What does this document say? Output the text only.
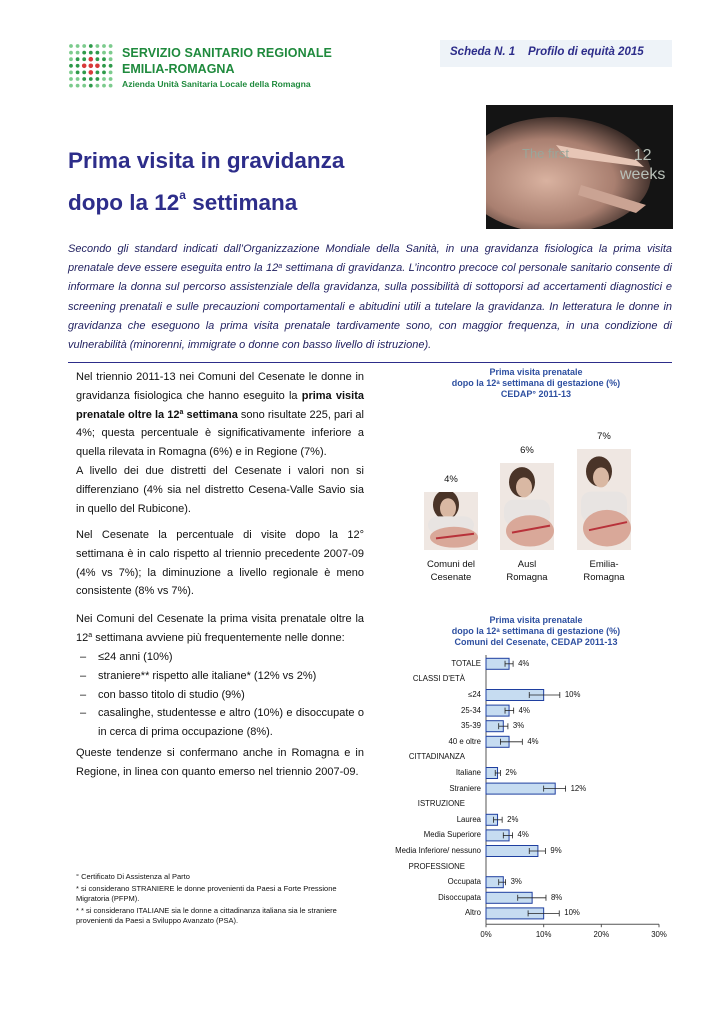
SERVIZIO SANITARIO REGIONALE
EMILIA-ROMAGNA
Azienda Unità Sanitaria Locale della Romagna
Scheda N. 1    Profilo di equità 2015
Prima visita in gravidanza
dopo la 12$^a$ settimana
The first	12
weeks
Secondo gli standard indicati dall’Organizzazione Mondiale della Sanità, in una gravidanza fisiologica la prima visita prenatale deve essere eseguita entro la 12$^a$ settimana di gravidanza. L’incontro precoce col personale sanitario consente di informare la donna sul percorso assistenziale della gravidanza, sulla possibilità di sottoporsi ad accertamenti diagnostici e screening prenatali e sulle precauzioni comportamentali e abitudini utili a tutelare la gravidanza. In letteratura le donne in gravidanza che eseguono la prima visita prenatale tardivamente sono, con maggior frequenza, in una condizione di vulnerabilità (minorenni, immigrate o donne con basso livello di istruzione).
Nel triennio 2011-13 nei Comuni del Cesenate le donne in gravidanza fisiologica che hanno eseguito la prima visita prenatale oltre la 12$^a$ settimana sono risultate 225, pari al 4%; questa percentuale è significativamente inferiore a quella rilevata in Romagna (6%) e in Regione (7%).
A livello dei due distretti del Cesenate i valori non si differenziano (4% sia nel distretto Cesena-Valle Savio sia in quello del Rubicone).
Nel Cesenate la percentuale di visite dopo la 12° settimana è in calo rispetto al triennio precedente 2007-09 (4% vs 7%); la diminuzione a livello regionale è meno consistente (8% vs 7%).
Nei Comuni del Cesenate la prima visita prenatale oltre la 12$^a$ settimana avviene più frequentemente nelle donne:
– ≤24 anni (10%)
– straniere** rispetto alle italiane* (12% vs 2%)
– con basso titolo di studio (9%)
– casalinghe, studentesse e altro (10%) e disoccupate o in cerca di prima occupazione (8%).
Queste tendenze si confermano anche in Romagna e in Regione, in linea con quanto emerso nel triennio 2007-09.
° Certificato Di Assistenza al Parto
* si considerano STRANIERE le donne provenienti da Paesi a Forte Pressione Migratoria (PFPM).
* * si considerano ITALIANE sia le donne a cittadinanza italiana sia le straniere provenienti da Paesi a Sviluppo Avanzato (PSA).
Prima visita prenatale
dopo la 12$^a$ settimana di gestazione (%)
CEDAP° 2011-13
4%
Comuni del
Cesenate
6%
Ausl
Romagna
7%
Emilia-
Romagna
Prima visita prenatale
dopo la 12$^a$ settimana di gestazione (%)
Comuni del Cesenate, CEDAP 2011-13
TOTALE	4%
CLASSI D'ETÀ
≤24	10%
25-34	4%
35-39	3%
40 e oltre	4%
CITTADINANZA
Italiane	2%
Straniere	12%
ISTRUZIONE
Laurea	2%
Media Superiore	4%
Media Inferiore/ nessuno	9%
PROFESSIONE
Occupata	3%
Disoccupata	8%
Altro	10%
0%	10%	20%	30%
